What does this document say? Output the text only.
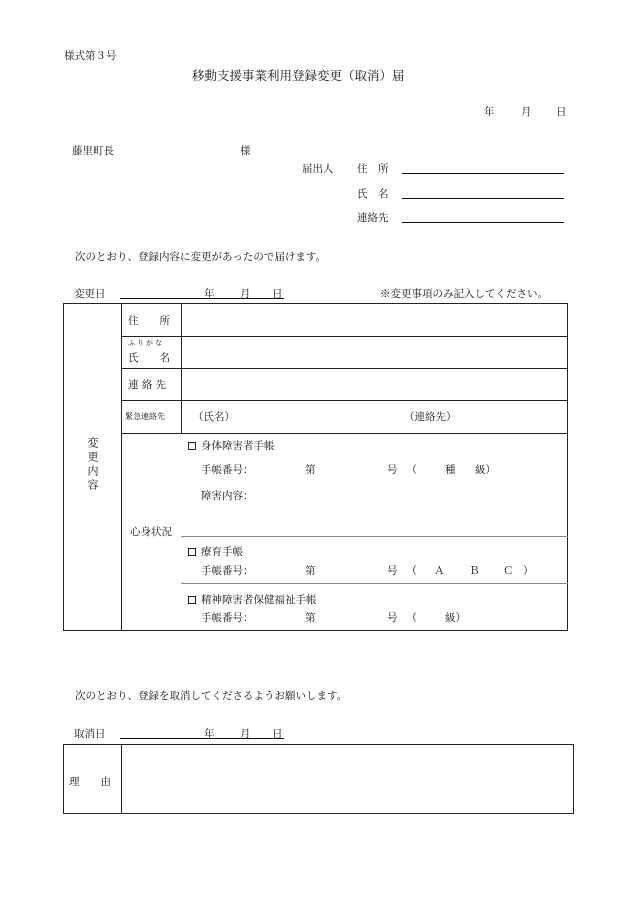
様式第３号
移動支援事業利用登録変更（取消）届
年	月 日
藤里町長	様
届出人 住　所
氏　名
連絡先
次のとおり、登録内容に変更があったので届けます。
変更日	年 月 日	※変更事項のみ記入してください。
変更内容
住　　所
ふりがな
氏　　名
連 絡 先
緊急連絡先	（氏名）	（連絡先）
心身状況
身体障害者手帳
手帳番号：	第	号（ 種 級）
障害内容：
療育手帳
手帳番号：	第	号（ Ａ Ｂ Ｃ ）
精神障害者保健福祉手帳
手帳番号：	第	号（ 級）
次のとおり、登録を取消してくださるようお願いします。
取消日	年 月 日
理　　由
